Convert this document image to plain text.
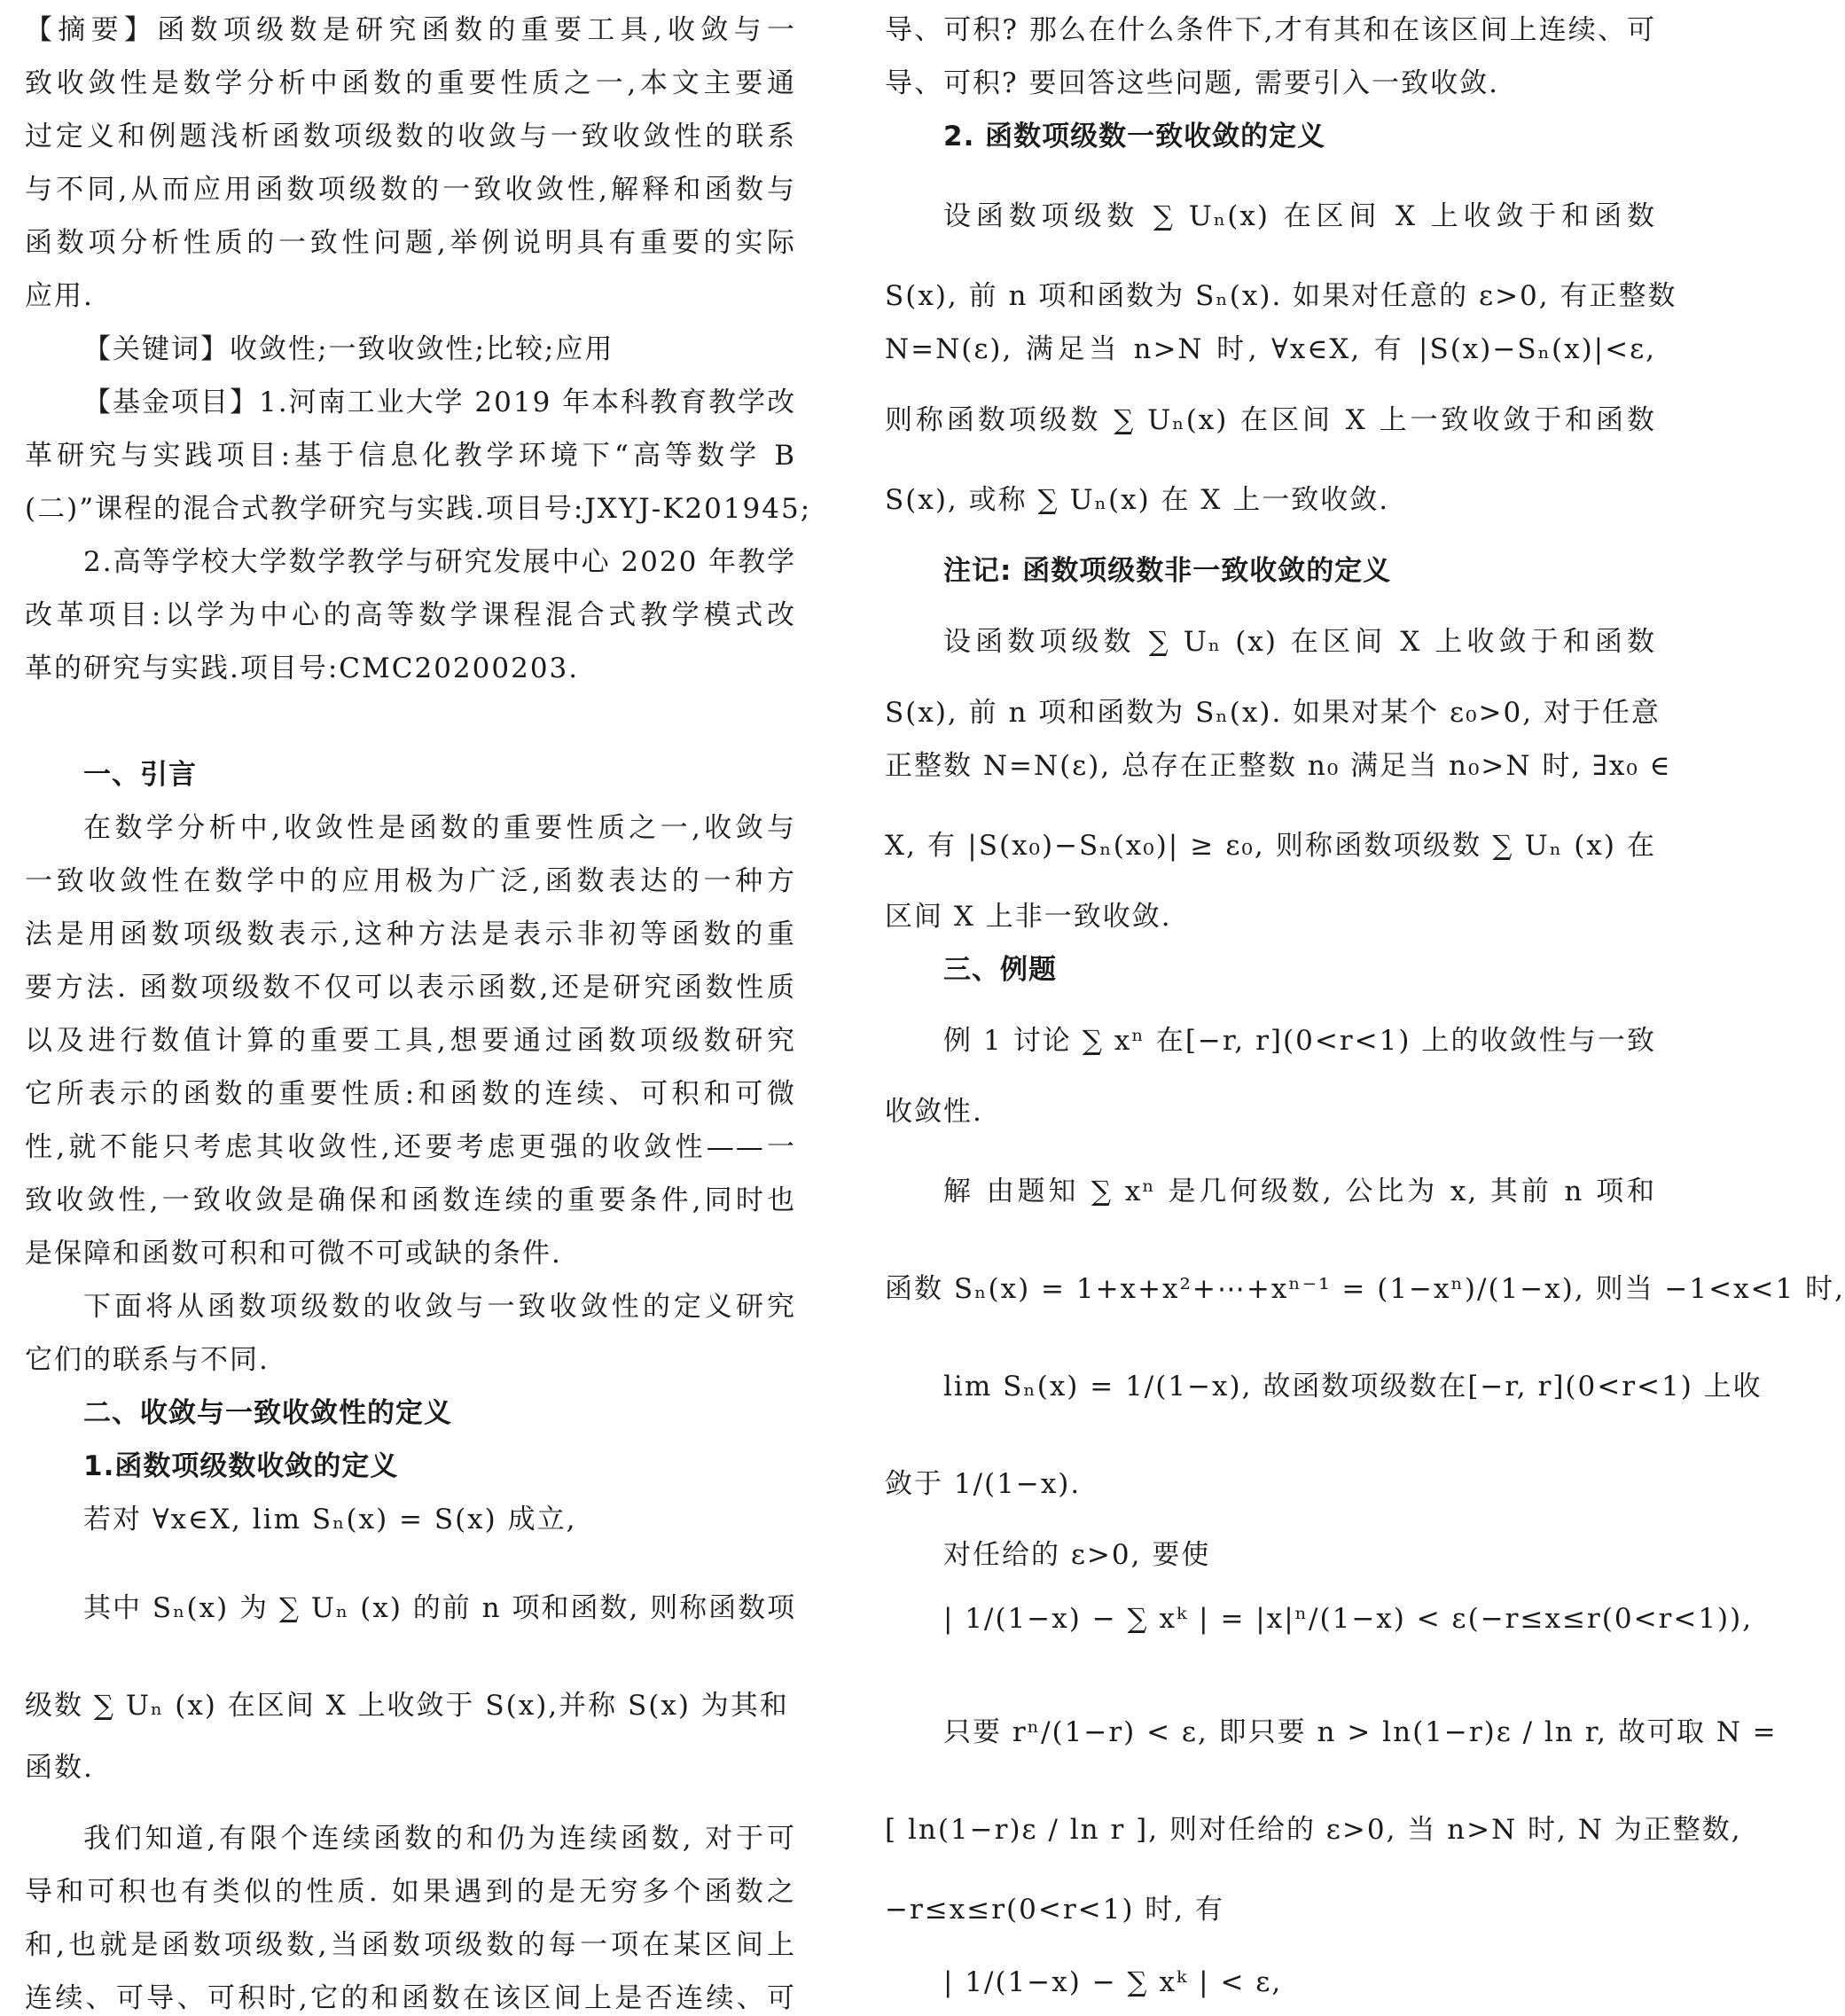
【摘要】函数项级数是研究函数的重要工具,收敛与一
致收敛性是数学分析中函数的重要性质之一,本文主要通
过定义和例题浅析函数项级数的收敛与一致收敛性的联系
与不同,从而应用函数项级数的一致收敛性,解释和函数与
函数项分析性质的一致性问题,举例说明具有重要的实际
应用.
【关键词】收敛性;一致收敛性;比较;应用
【基金项目】1.河南工业大学 2019 年本科教育教学改
革研究与实践项目:基于信息化教学环境下“高等数学 B
(二)”课程的混合式教学研究与实践.项目号:JXYJ-K201945;
2.高等学校大学数学教学与研究发展中心 2020 年教学
改革项目:以学为中心的高等数学课程混合式教学模式改
革的研究与实践.项目号:CMC20200203.
一、引言
在数学分析中,收敛性是函数的重要性质之一,收敛与
一致收敛性在数学中的应用极为广泛,函数表达的一种方
法是用函数项级数表示,这种方法是表示非初等函数的重
要方法. 函数项级数不仅可以表示函数,还是研究函数性质
以及进行数值计算的重要工具,想要通过函数项级数研究
它所表示的函数的重要性质:和函数的连续、可积和可微
性,就不能只考虑其收敛性,还要考虑更强的收敛性——一
致收敛性,一致收敛是确保和函数连续的重要条件,同时也
是保障和函数可积和可微不可或缺的条件.
下面将从函数项级数的收敛与一致收敛性的定义研究
它们的联系与不同.
二、收敛与一致收敛性的定义
1.函数项级数收敛的定义
若对 ∀x∈X, lim Sₙ(x) = S(x) 成立,
其中 Sₙ(x) 为 ∑ Uₙ (x) 的前 n 项和函数, 则称函数项
级数 ∑ Uₙ (x) 在区间 X 上收敛于 S(x),并称 S(x) 为其和
函数.
我们知道,有限个连续函数的和仍为连续函数, 对于可
导和可积也有类似的性质. 如果遇到的是无穷多个函数之
和,也就是函数项级数,当函数项级数的每一项在某区间上
连续、可导、可积时,它的和函数在该区间上是否连续、可
导、可积? 那么在什么条件下,才有其和在该区间上连续、可
导、可积? 要回答这些问题, 需要引入一致收敛.
2. 函数项级数一致收敛的定义
设函数项级数 ∑ Uₙ(x) 在区间 X 上收敛于和函数
S(x), 前 n 项和函数为 Sₙ(x). 如果对任意的 ε>0, 有正整数
N=N(ε), 满足当 n>N 时, ∀x∈X, 有 |S(x)−Sₙ(x)|<ε,
则称函数项级数 ∑ Uₙ(x) 在区间 X 上一致收敛于和函数
S(x), 或称 ∑ Uₙ(x) 在 X 上一致收敛.
注记: 函数项级数非一致收敛的定义
设函数项级数 ∑ Uₙ (x) 在区间 X 上收敛于和函数
S(x), 前 n 项和函数为 Sₙ(x). 如果对某个 ε₀>0, 对于任意
正整数 N=N(ε), 总存在正整数 n₀ 满足当 n₀>N 时, ∃x₀ ∈
X, 有 |S(x₀)−Sₙ(x₀)| ≥ ε₀, 则称函数项级数 ∑ Uₙ (x) 在
区间 X 上非一致收敛.
三、例题
例 1 讨论 ∑ xⁿ 在[−r, r](0<r<1) 上的收敛性与一致
收敛性.
解 由题知 ∑ xⁿ 是几何级数, 公比为 x, 其前 n 项和
函数 Sₙ(x) = 1+x+x²+⋯+xⁿ⁻¹ = (1−xⁿ)/(1−x), 则当 −1<x<1 时,
lim Sₙ(x) = 1/(1−x), 故函数项级数在[−r, r](0<r<1) 上收
敛于 1/(1−x).
对任给的 ε>0, 要使
| 1/(1−x) − ∑ xᵏ | = |x|ⁿ/(1−x) < ε(−r≤x≤r(0<r<1)),
只要 rⁿ/(1−r) < ε, 即只要 n > ln(1−r)ε / ln r, 故可取 N =
[ ln(1−r)ε / ln r ], 则对任给的 ε>0, 当 n>N 时, N 为正整数,
−r≤x≤r(0<r<1) 时, 有
| 1/(1−x) − ∑ xᵏ | < ε,
